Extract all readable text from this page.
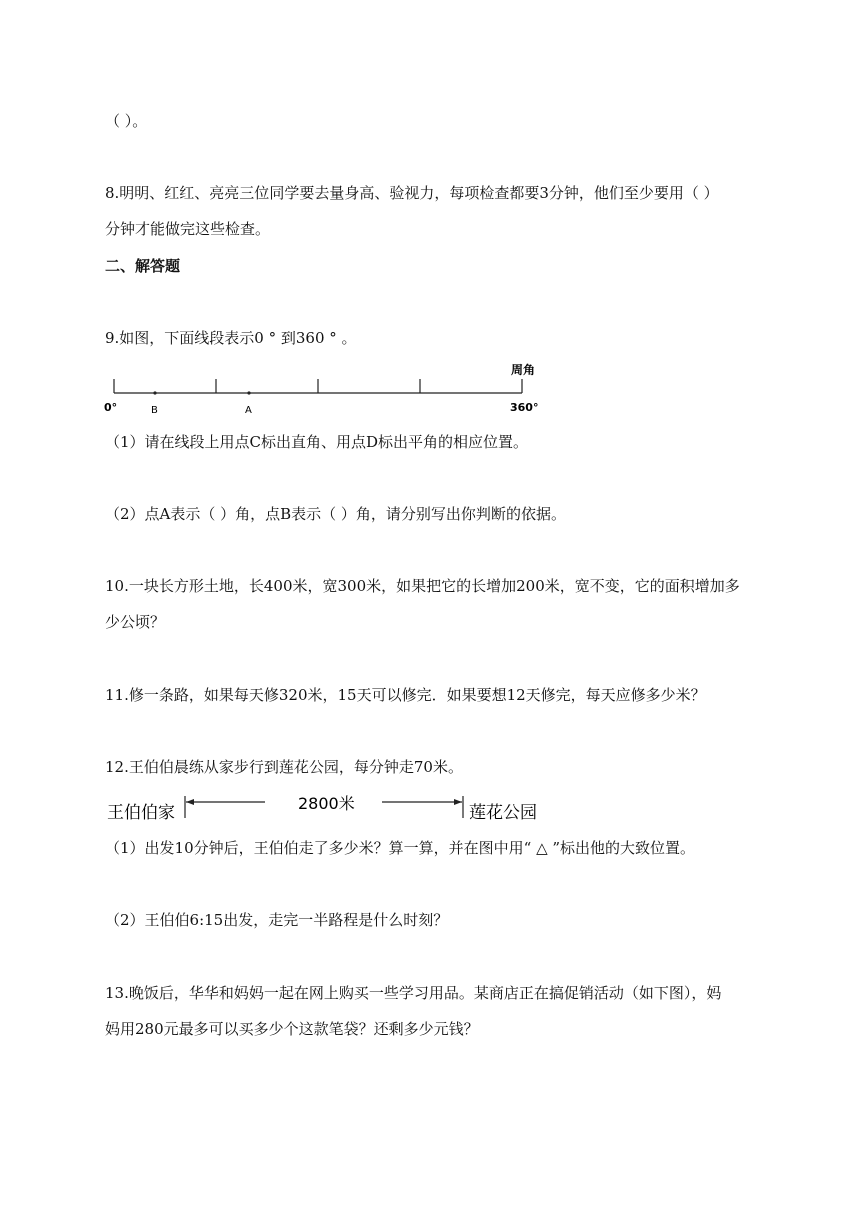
（ ）。
8.明明、红红、亮亮三位同学要去量身高、验视力，每项检查都要3分钟，他们至少要用（ ）
分钟才能做完这些检查。
二、解答题
9.如图，下面线段表示0 ° 到360 ° 。
周角
0°	360°
B	A
（1）请在线段上用点C标出直角、用点D标出平角的相应位置。
（2）点A表示（ ）角，点B表示（ ）角，请分别写出你判断的依据。
10.一块长方形土地，长400米，宽300米，如果把它的长增加200米，宽不变，它的面积增加多
少公顷？
11.修一条路，如果每天修320米，15天可以修完．如果要想12天修完，每天应修多少米？
12.王伯伯晨练从家步行到莲花公园，每分钟走70米。
王伯伯家	2800米	莲花公园
（1）出发10分钟后，王伯伯走了多少米？算一算，并在图中用“ △ ”标出他的大致位置。
（2）王伯伯6:15出发，走完一半路程是什么时刻？
13.晚饭后，华华和妈妈一起在网上购买一些学习用品。某商店正在搞促销活动（如下图），妈
妈用280元最多可以买多少个这款笔袋？还剩多少元钱？
